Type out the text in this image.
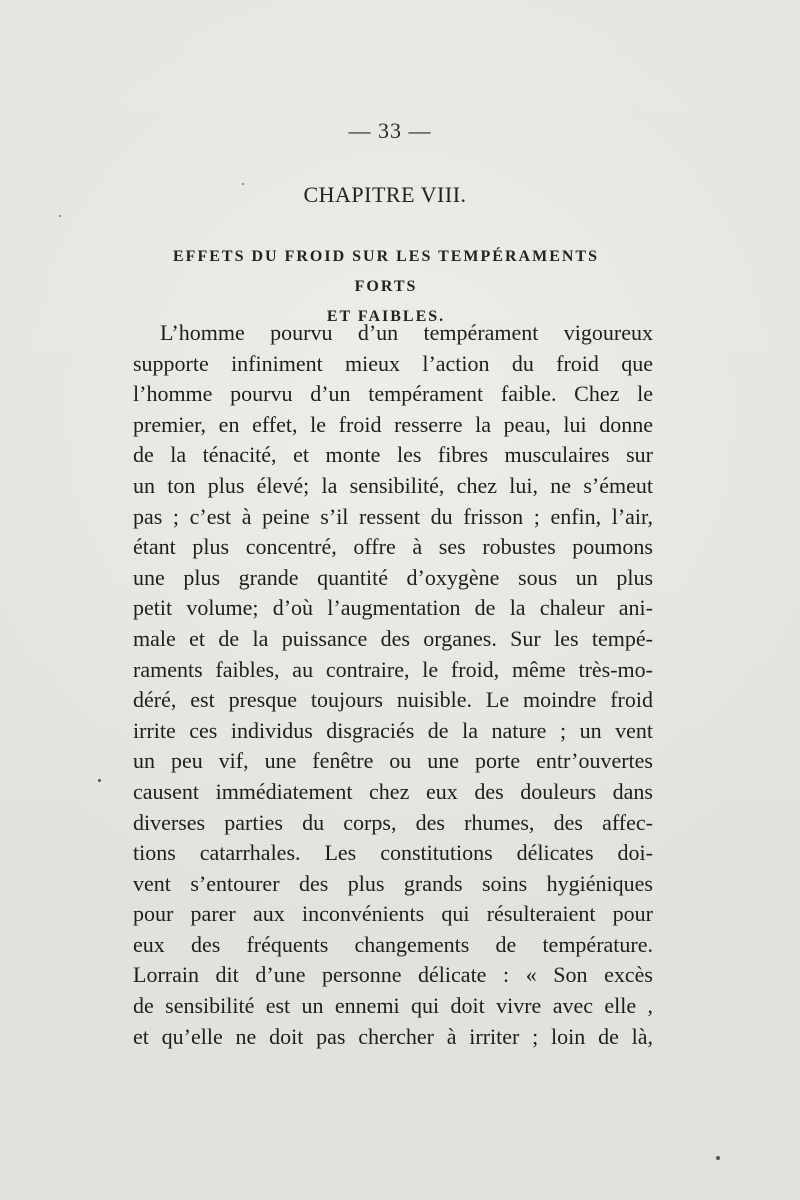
— 33 —
CHAPITRE VIII.
EFFETS DU FROID SUR LES TEMPÉRAMENTS FORTS
ET FAIBLES.
L’homme pourvu d’un tempérament vigoureux
supporte infiniment mieux l’action du froid que
l’homme pourvu d’un tempérament faible. Chez le
premier, en effet, le froid resserre la peau, lui donne
de la ténacité, et monte les fibres musculaires sur
un ton plus élevé; la sensibilité, chez lui, ne s’émeut
pas ; c’est à peine s’il ressent du frisson ; enfin, l’air,
étant plus concentré, offre à ses robustes poumons
une plus grande quantité d’oxygène sous un plus
petit volume; d’où l’augmentation de la chaleur ani-
male et de la puissance des organes. Sur les tempé-
raments faibles, au contraire, le froid, même très-mo-
déré, est presque toujours nuisible. Le moindre froid
irrite ces individus disgraciés de la nature ; un vent
un peu vif, une fenêtre ou une porte entr’ouvertes
causent immédiatement chez eux des douleurs dans
diverses parties du corps, des rhumes, des affec-
tions catarrhales. Les constitutions délicates doi-
vent s’entourer des plus grands soins hygiéniques
pour parer aux inconvénients qui résulteraient pour
eux des fréquents changements de température.
Lorrain dit d’une personne délicate : « Son excès
de sensibilité est un ennemi qui doit vivre avec elle ,
et qu’elle ne doit pas chercher à irriter ; loin de là,
